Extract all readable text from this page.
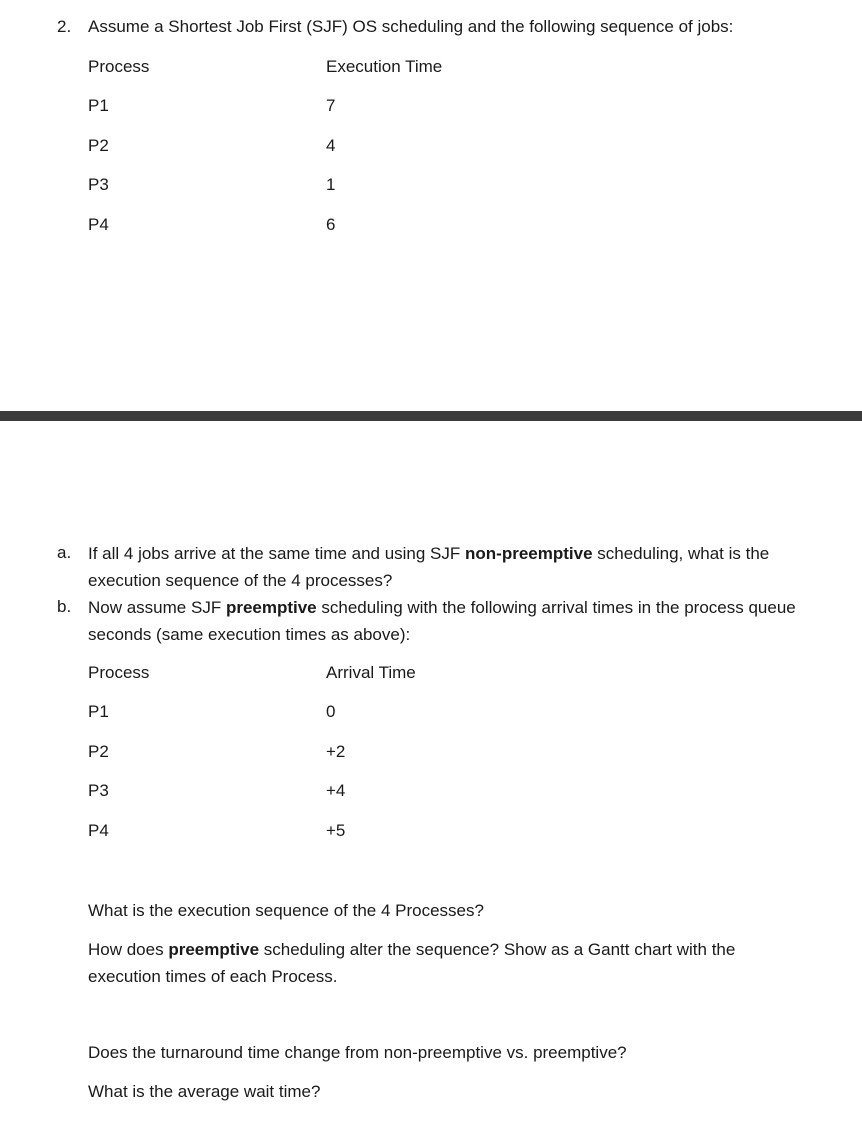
2. Assume a Shortest Job First (SJF) OS scheduling and the following sequence of jobs:
Process	Execution Time
P1	7
P2	4
P3	1
P4	6
a. If all 4 jobs arrive at the same time and using SJF non-preemptive scheduling, what is the execution sequence of the 4 processes?
b. Now assume SJF preemptive scheduling with the following arrival times in the process queue seconds (same execution times as above):
Process	Arrival Time
P1	0
P2	+2
P3	+4
P4	+5
What is the execution sequence of the 4 Processes?
How does preemptive scheduling alter the sequence? Show as a Gantt chart with the execution times of each Process.
Does the turnaround time change from non-preemptive vs. preemptive?
What is the average wait time?
